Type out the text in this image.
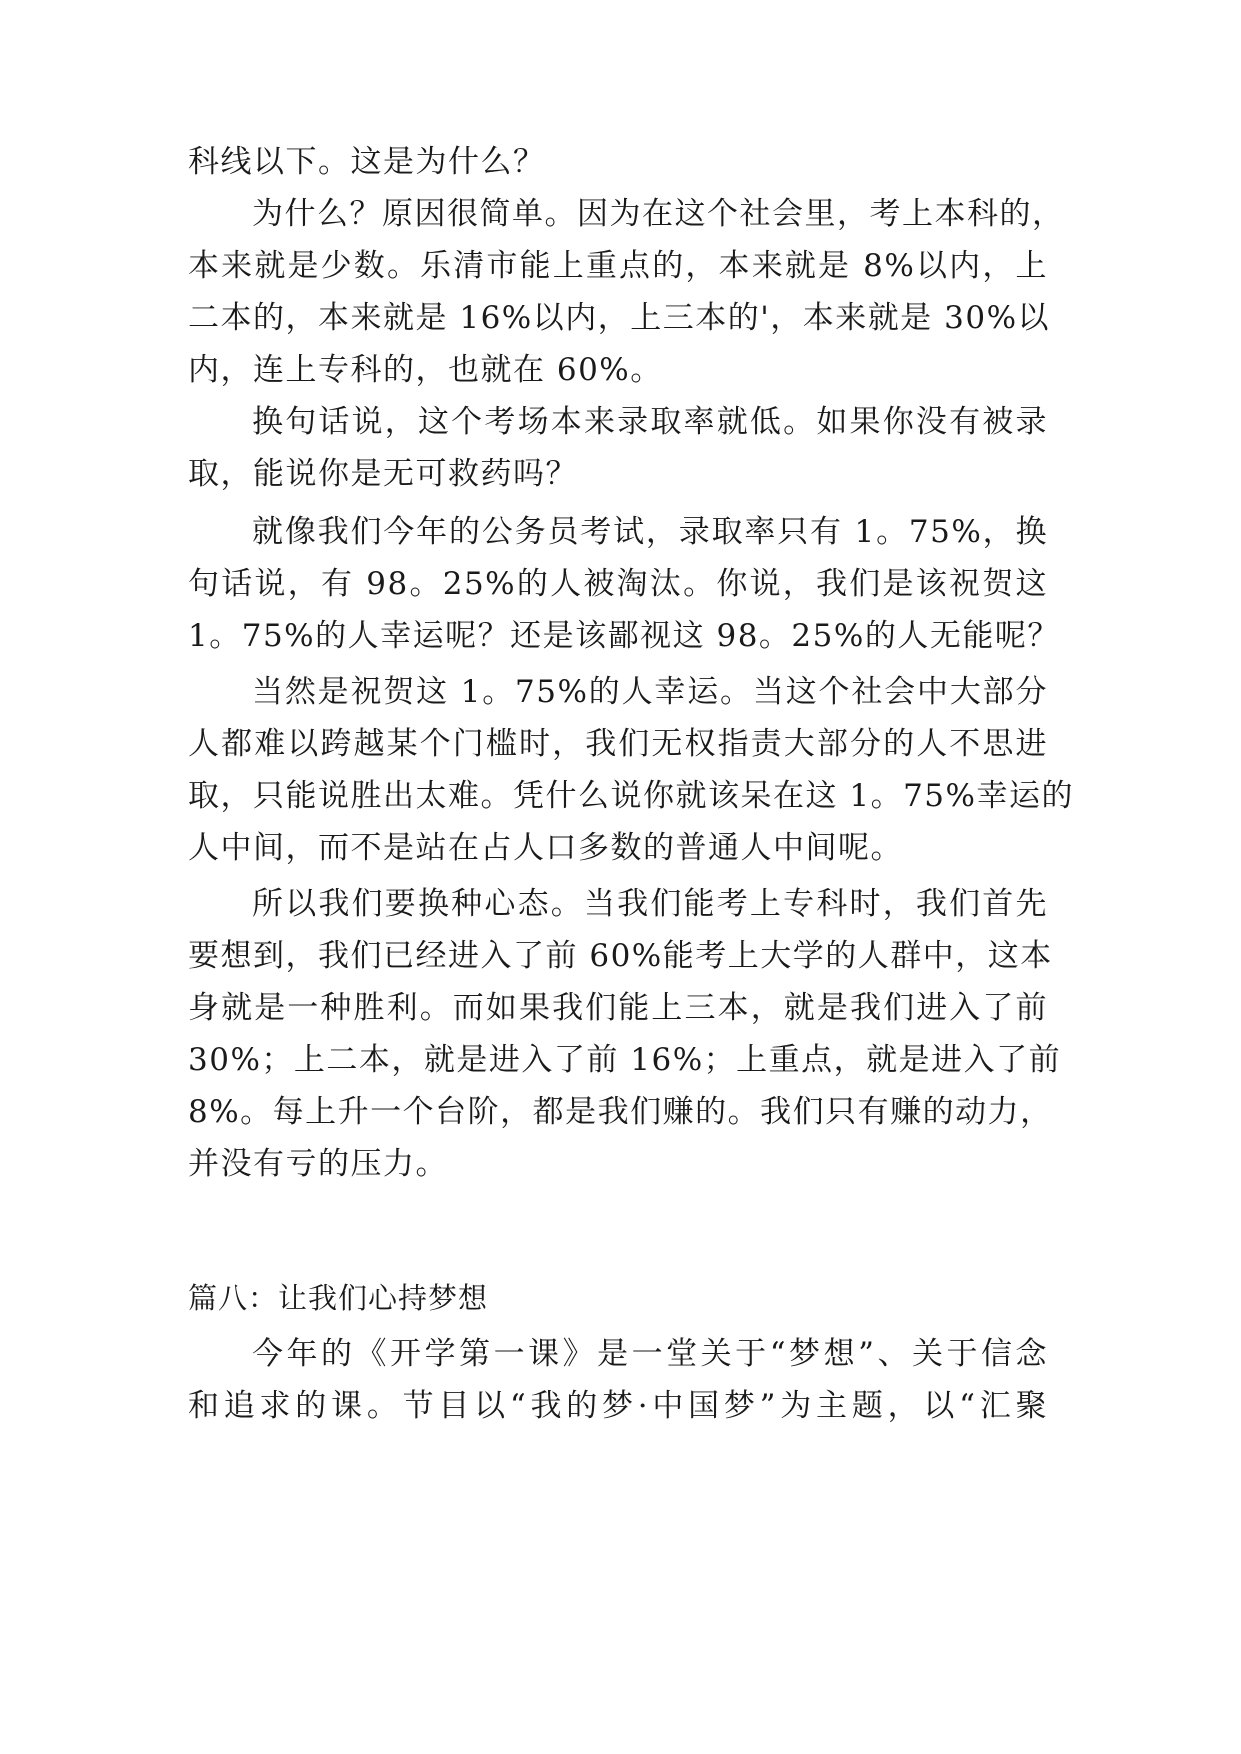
科线以下。这是为什么？
为什么？原因很简单。因为在这个社会里，考上本科的，
本来就是少数。乐清市能上重点的，本来就是 8%以内，上
二本的，本来就是 16%以内，上三本的'，本来就是 30%以
内，连上专科的，也就在 60%。
换句话说，这个考场本来录取率就低。如果你没有被录
取，能说你是无可救药吗？
就像我们今年的公务员考试，录取率只有 1。75%，换
句话说，有 98。25%的人被淘汰。你说，我们是该祝贺这
1。75%的人幸运呢？还是该鄙视这 98。25%的人无能呢？
当然是祝贺这 1。75%的人幸运。当这个社会中大部分
人都难以跨越某个门槛时，我们无权指责大部分的人不思进
取，只能说胜出太难。凭什么说你就该呆在这 1。75%幸运的
人中间，而不是站在占人口多数的普通人中间呢。
所以我们要换种心态。当我们能考上专科时，我们首先
要想到，我们已经进入了前 60%能考上大学的人群中，这本
身就是一种胜利。而如果我们能上三本，就是我们进入了前
30%；上二本，就是进入了前 16%；上重点，就是进入了前
8%。每上升一个台阶，都是我们赚的。我们只有赚的动力，
并没有亏的压力。
篇八：让我们心持梦想
今年的《开学第一课》是一堂关于“梦想”、关于信念
和追求的课。节目以“我的梦·中国梦”为主题，以“汇聚
